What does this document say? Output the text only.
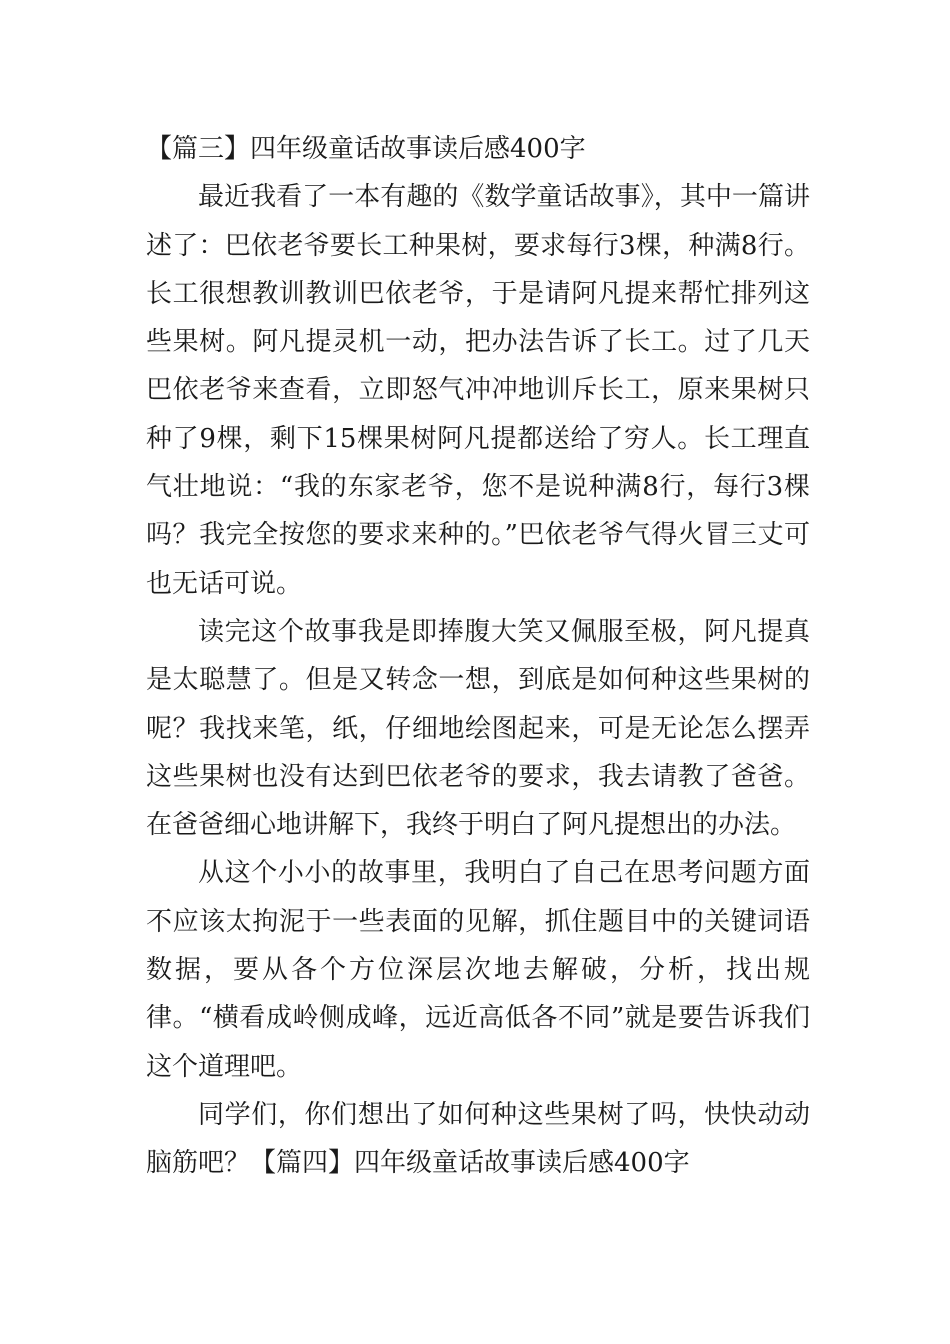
【篇三】四年级童话故事读后感400字

最近我看了一本有趣的《数学童话故事》，其中一篇讲述了：巴依老爷要长工种果树，要求每行3棵，种满8行。长工很想教训教训巴依老爷，于是请阿凡提来帮忙排列这些果树。阿凡提灵机一动，把办法告诉了长工。过了几天巴依老爷来查看，立即怒气冲冲地训斥长工，原来果树只种了9棵，剩下15棵果树阿凡提都送给了穷人。长工理直气壮地说：“我的东家老爷，您不是说种满8行，每行3棵吗？我完全按您的要求来种的。”巴依老爷气得火冒三丈可也无话可说。

读完这个故事我是即捧腹大笑又佩服至极，阿凡提真是太聪慧了。但是又转念一想，到底是如何种这些果树的呢？我找来笔，纸，仔细地绘图起来，可是无论怎么摆弄这些果树也没有达到巴依老爷的要求，我去请教了爸爸。在爸爸细心地讲解下，我终于明白了阿凡提想出的办法。

从这个小小的故事里，我明白了自己在思考问题方面不应该太拘泥于一些表面的见解，抓住题目中的关键词语数据，要从各个方位深层次地去解破，分析，找出规律。“横看成岭侧成峰，远近高低各不同”就是要告诉我们这个道理吧。

同学们，你们想出了如何种这些果树了吗，快快动动脑筋吧？【篇四】四年级童话故事读后感400字
